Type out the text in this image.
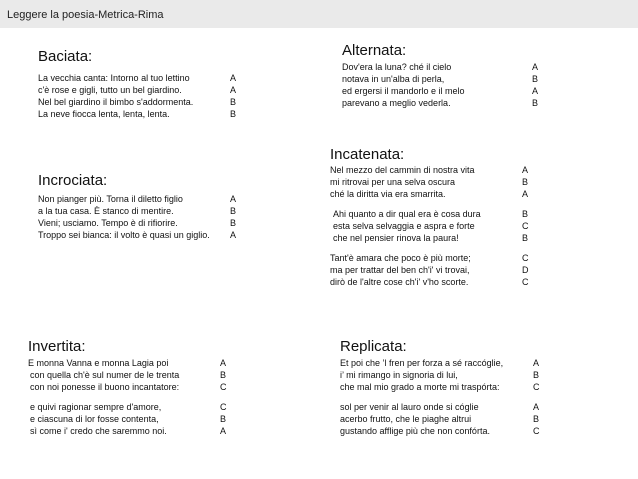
Leggere la poesia-Metrica-Rima
Baciata:
La vecchia canta: Intorno al tuo lettino	A
c'è rose e gigli, tutto un bel giardino.	A
Nel bel giardino il bimbo s'addormenta.	B
La neve fiocca lenta, lenta, lenta.	B
Alternata:
Dov'era la luna? ché il cielo	A
notava in un'alba di perla,	B
ed ergersi il mandorlo e il melo	A
parevano a meglio vederla.	B
Incrociata:
Non pianger più. Torna il diletto figlio	A
a la tua casa. È stanco di mentire.	B
Vieni; usciamo. Tempo è di rifiorire.	B
Troppo sei bianca: il volto è quasi un giglio. A
Incatenata:
Nel mezzo del cammin di nostra vita	A
mi ritrovai per una selva oscura	B
ché la diritta via era smarrita.	A
Ahi quanto a dir qual era è cosa dura	B
esta selva selvaggia e aspra e forte	C
che nel pensier rinova la paura!	B
Tant'è amara che poco è più morte;	C
ma per trattar del ben ch'i' vi trovai,	D
dirò de l'altre cose ch'i' v'ho scorte.	C
Invertita:
E monna Vanna e monna Lagia poi	A
con quella ch'è sul numer de le trenta	B
con noi ponesse il buono incantatore:	C
e quivi ragionar sempre d'amore,	C
e ciascuna di lor fosse contenta,	B
sì come i' credo che saremmo noi.	A
Replicata:
Et poi che ’l fren per forza a sé raccóglie,	A
i’ mi rimango in signoria di lui,	B
che mal mio grado a morte mi traspórta:	C
sol per venir al lauro onde si cóglie	A
acerbo frutto, che le piaghe altrui	B
gustando afflige più che non confórta.	C
